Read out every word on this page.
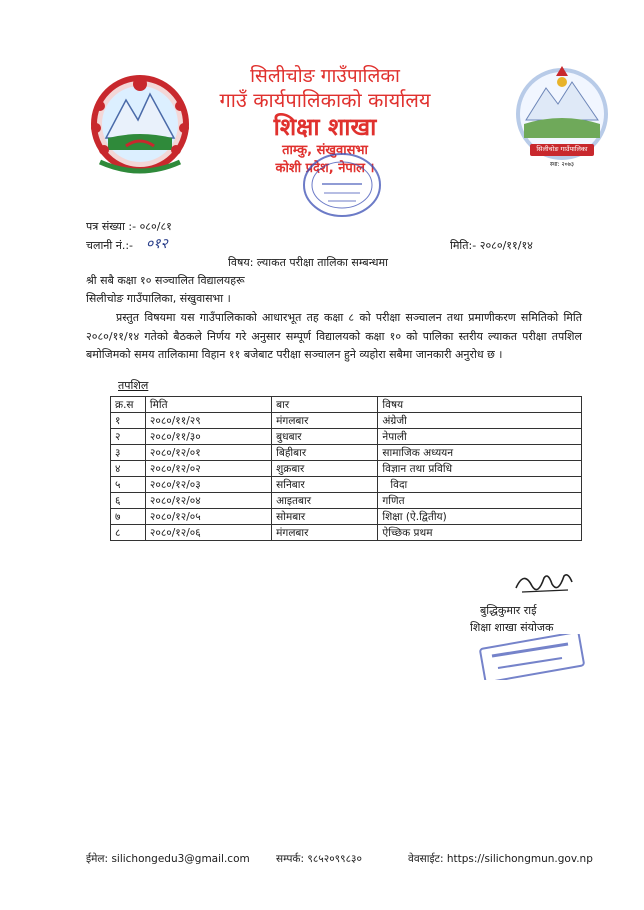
सिलीचोङ गाउँपालिका
गाउँ कार्यपालिकाको कार्यालय
शिक्षा शाखा
ताम्कु, संखुवासभा
कोशी प्रदेश, नेपाल ।
सिलीचोङ गाउँपालिका
स्था: २०७३
पत्र संख्या :- ०८०/८१
चलानी नं.:- ०१२	मिति:- २०८०/११/१४
विषय: ल्याकत परीक्षा तालिका सम्बन्धमा
श्री सबै कक्षा १० सञ्चालित विद्यालयहरू
सिलीचोङ गाउँपालिका, संखुवासभा ।
प्रस्तुत विषयमा यस गाउँपालिकाको आधारभूत तह कक्षा ८ को परीक्षा सञ्चालन तथा प्रमाणीकरण समितिको मिति २०८०/११/१४ गतेको बैठकले निर्णय गरे अनुसार सम्पूर्ण विद्यालयको कक्षा १० को पालिका स्तरीय ल्याकत परीक्षा तपशिल बमोजिमको समय तालिकामा विहान ११ बजेबाट परीक्षा सञ्चालन हुने व्यहोरा सबैमा जानकारी अनुरोध छ ।
तपशिल
क्र.स	मिति	बार	विषय
१	२०८०/११/२९	मंगलबार	अंग्रेजी
२	२०८०/११/३०	बुधबार	नेपाली
३	२०८०/१२/०१	बिहीबार	सामाजिक अध्ययन
४	२०८०/१२/०२	शुक्रबार	विज्ञान तथा प्रविधि
५	२०८०/१२/०३	सनिबार	विदा
६	२०८०/१२/०४	आइतबार	गणित
७	२०८०/१२/०५	सोमबार	शिक्षा (ऐ.द्वितीय)
८	२०८०/१२/०६	मंगलबार	ऐच्छिक प्रथम
बुद्धिकुमार राई
शिक्षा शाखा संयोजक
ईमेल: silichongedu3@gmail.com	सम्पर्क: ९८५२०९९८३०	वेवसाईट: https://silichongmun.gov.np
